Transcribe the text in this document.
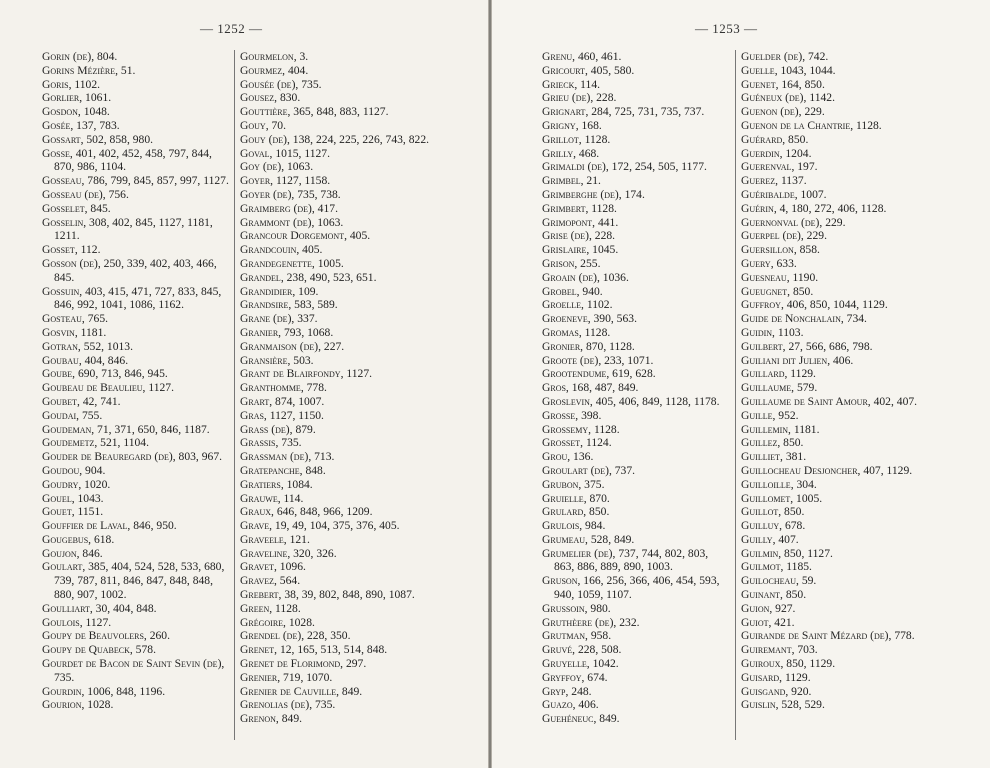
— 1252 —
Gorin (de), 804.
Gorins Mézière, 51.
Goris, 1102.
Gorlier, 1061.
Gosdon, 1048.
Gosée, 137, 783.
Gossart, 502, 858, 980.
Gosse, 401, 402, 452, 458, 797, 844, 870, 986, 1104.
Gosseau, 786, 799, 845, 857, 997, 1127.
Gosseau (de), 756.
Gosselet, 845.
Gosselin, 308, 402, 845, 1127, 1181, 1211.
Gosset, 112.
Gosson (de), 250, 339, 402, 403, 466, 845.
Gossuin, 403, 415, 471, 727, 833, 845, 846, 992, 1041, 1086, 1162.
Gosteau, 765.
Gosvin, 1181.
Gotran, 552, 1013.
Goubau, 404, 846.
Goube, 690, 713, 846, 945.
Goubeau de Beaulieu, 1127.
Goubet, 42, 741.
Goudai, 755.
Goudeman, 71, 371, 650, 846, 1187.
Goudemetz, 521, 1104.
Gouder de Beauregard (de), 803, 967.
Goudou, 904.
Goudry, 1020.
Gouel, 1043.
Gouet, 1151.
Gouffier de Laval, 846, 950.
Gougebus, 618.
Goujon, 846.
Goulart, 385, 404, 524, 528, 533, 680, 739, 787, 811, 846, 847, 848, 848, 880, 907, 1002.
Goulliart, 30, 404, 848.
Goulois, 1127.
Goupy de Beauvolers, 260.
Goupy de Quabeck, 578.
Gourdet de Bacon de Saint Sevin (de), 735.
Gourdin, 1006, 848, 1196.
Gourion, 1028.
Gourmelon, 3.
Gourmez, 404.
Gousée (de), 735.
Gousez, 830.
Gouttière, 365, 848, 883, 1127.
Gouy, 70.
Gouy (de), 138, 224, 225, 226, 743, 822.
Goval, 1015, 1127.
Goy (de), 1063.
Goyer, 1127, 1158.
Goyer (de), 735, 738.
Graimberg (de), 417.
Grammont (de), 1063.
Grancour Dorgemont, 405.
Grandcouin, 405.
Grandegenette, 1005.
Grandel, 238, 490, 523, 651.
Grandidier, 109.
Grandsire, 583, 589.
Grane (de), 337.
Granier, 793, 1068.
Granmaison (de), 227.
Gransière, 503.
Grant de Blairfondy, 1127.
Granthomme, 778.
Grart, 874, 1007.
Gras, 1127, 1150.
Grass (de), 879.
Grassis, 735.
Grassman (de), 713.
Gratepanche, 848.
Gratiers, 1084.
Grauwe, 114.
Graux, 646, 848, 966, 1209.
Grave, 19, 49, 104, 375, 376, 405.
Graveele, 121.
Graveline, 320, 326.
Gravet, 1096.
Gravez, 564.
Grebert, 38, 39, 802, 848, 890, 1087.
Green, 1128.
Grégoire, 1028.
Grendel (de), 228, 350.
Grenet, 12, 165, 513, 514, 848.
Grenet de Florimond, 297.
Grenier, 719, 1070.
Grenier de Cauville, 849.
Grenolias (de), 735.
Grenon, 849.
— 1253 —
Grenu, 460, 461.
Gricourt, 405, 580.
Grieck, 114.
Grieu (de), 228.
Grignart, 284, 725, 731, 735, 737.
Grigny, 168.
Grillot, 1128.
Grilly, 468.
Grimaldi (de), 172, 254, 505, 1177.
Grimbel, 21.
Grimberghe (de), 174.
Grimbert, 1128.
Grimopont, 441.
Grise (de), 228.
Grislaire, 1045.
Grison, 255.
Groain (de), 1036.
Grobel, 940.
Groelle, 1102.
Groeneve, 390, 563.
Gromas, 1128.
Gronier, 870, 1128.
Groote (de), 233, 1071.
Grootendume, 619, 628.
Gros, 168, 487, 849.
Groslevin, 405, 406, 849, 1128, 1178.
Grosse, 398.
Grossemy, 1128.
Grosset, 1124.
Grou, 136.
Groulart (de), 737.
Grubon, 375.
Gruielle, 870.
Grulard, 850.
Grulois, 984.
Grumeau, 528, 849.
Grumelier (de), 737, 744, 802, 803, 863, 886, 889, 890, 1003.
Gruson, 166, 256, 366, 406, 454, 593, 940, 1059, 1107.
Grussoin, 980.
Gruthèere (de), 232.
Grutman, 958.
Gruvé, 228, 508.
Gruyelle, 1042.
Gryffoy, 674.
Gryp, 248.
Guazo, 406.
Guehéneuc, 849.
Guelder (de), 742.
Guelle, 1043, 1044.
Guenet, 164, 850.
Guéneux (de), 1142.
Guenon (de), 229.
Guenon de la Chantrie, 1128.
Guérard, 850.
Guerdin, 1204.
Guerenval, 197.
Guerez, 1137.
Guéribalde, 1007.
Guérin, 4, 180, 272, 406, 1128.
Guernonval (de), 229.
Guerpel (de), 229.
Guersillon, 858.
Guery, 633.
Guesneau, 1190.
Gueugnet, 850.
Guffroy, 406, 850, 1044, 1129.
Guide de Nonchalain, 734.
Guidin, 1103.
Guilbert, 27, 566, 686, 798.
Guiliani dit Julien, 406.
Guillard, 1129.
Guillaume, 579.
Guillaume de Saint Amour, 402, 407.
Guille, 952.
Guillemin, 1181.
Guillez, 850.
Guilliet, 381.
Guillocheau Desjoncher, 407, 1129.
Guilloille, 304.
Guillomet, 1005.
Guillot, 850.
Guilluy, 678.
Guilly, 407.
Guilmin, 850, 1127.
Guilmot, 1185.
Guilocheau, 59.
Guinant, 850.
Guion, 927.
Guiot, 421.
Guirande de Saint Mézard (de), 778.
Guiremant, 703.
Guiroux, 850, 1129.
Guisard, 1129.
Guisgand, 920.
Guislin, 528, 529.
